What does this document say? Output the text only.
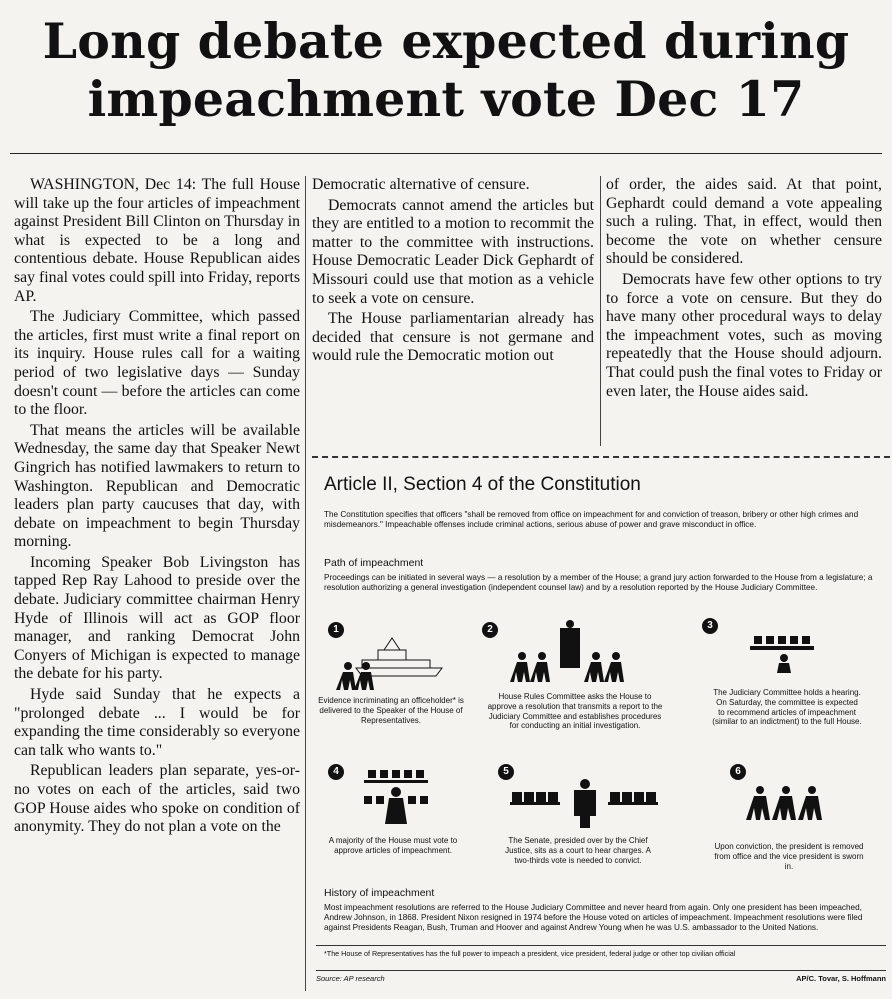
Long debate expected during
impeachment vote Dec 17

WASHINGTON, Dec 14: The full House will take up the four articles of impeachment against President Bill Clinton on Thursday in what is expected to be a long and contentious debate. House Republican aides say final votes could spill into Friday, reports AP.

The Judiciary Committee, which passed the articles, first must write a final report on its inquiry. House rules call for a waiting period of two legislative days — Sunday doesn't count — before the articles can come to the floor.

That means the articles will be available Wednesday, the same day that Speaker Newt Gingrich has notified lawmakers to return to Washington. Republican and Democratic leaders plan party caucuses that day, with debate on impeachment to begin Thursday morning.

Incoming Speaker Bob Livingston has tapped Rep Ray Lahood to preside over the debate. Judiciary committee chairman Henry Hyde of Illinois will act as GOP floor manager, and ranking Democrat John Conyers of Michigan is expected to manage the debate for his party.

Hyde said Sunday that he expects a "prolonged debate ... I would be for expanding the time considerably so everyone can talk who wants to."

Republican leaders plan separate, yes-or-no votes on each of the articles, said two GOP House aides who spoke on condition of anonymity. They do not plan a vote on the

Democratic alternative of censure.

Democrats cannot amend the articles but they are entitled to a motion to recommit the matter to the committee with instructions. House Democratic Leader Dick Gephardt of Missouri could use that motion as a vehicle to seek a vote on censure.

The House parliamentarian already has decided that censure is not germane and would rule the Democratic motion out

of order, the aides said. At that point, Gephardt could demand a vote appealing such a ruling. That, in effect, would then become the vote on whether censure should be considered.

Democrats have few other options to try to force a vote on censure. But they do have many other procedural ways to delay the impeachment votes, such as moving repeatedly that the House should adjourn. That could push the final votes to Friday or even later, the House aides said.

Article II, Section 4 of the Constitution
The Constitution specifies that officers "shall be removed from office on impeachment for and conviction of treason, bribery or other high crimes and misdemeanors." Impeachable offenses include criminal actions, serious abuse of power and grave misconduct in office.
Path of impeachment
Proceedings can be initiated in several ways — a resolution by a member of the House; a grand jury action forwarded to the House from a legislature; a resolution authorizing a general investigation (independent counsel law) and by a resolution reported by the House Judiciary Committee.
1
Evidence incriminating an officeholder* is delivered to the Speaker of the House of Representatives.
2
House Rules Committee asks the House to approve a resolution that transmits a report to the Judiciary Committee and establishes procedures for conducting an initial investigation.
3
The Judiciary Committee holds a hearing. On Saturday, the committee is expected to recommend articles of impeachment (similar to an indictment) to the full House.
4
A majority of the House must vote to approve articles of impeachment.
5
The Senate, presided over by the Chief Justice, sits as a court to hear charges. A two-thirds vote is needed to convict.
6
Upon conviction, the president is removed from office and the vice president is sworn in.
History of impeachment
Most impeachment resolutions are referred to the House Judiciary Committee and never heard from again. Only one president has been impeached, Andrew Johnson, in 1868. President Nixon resigned in 1974 before the House voted on articles of impeachment. Impeachment resolutions were filed against Presidents Reagan, Bush, Truman and Hoover and against Andrew Young when he was U.S. ambassador to the United Nations.
*The House of Representatives has the full power to impeach a president, vice president, federal judge or other top civilian official
Source: AP research	AP/C. Tovar, S. Hoffmann
